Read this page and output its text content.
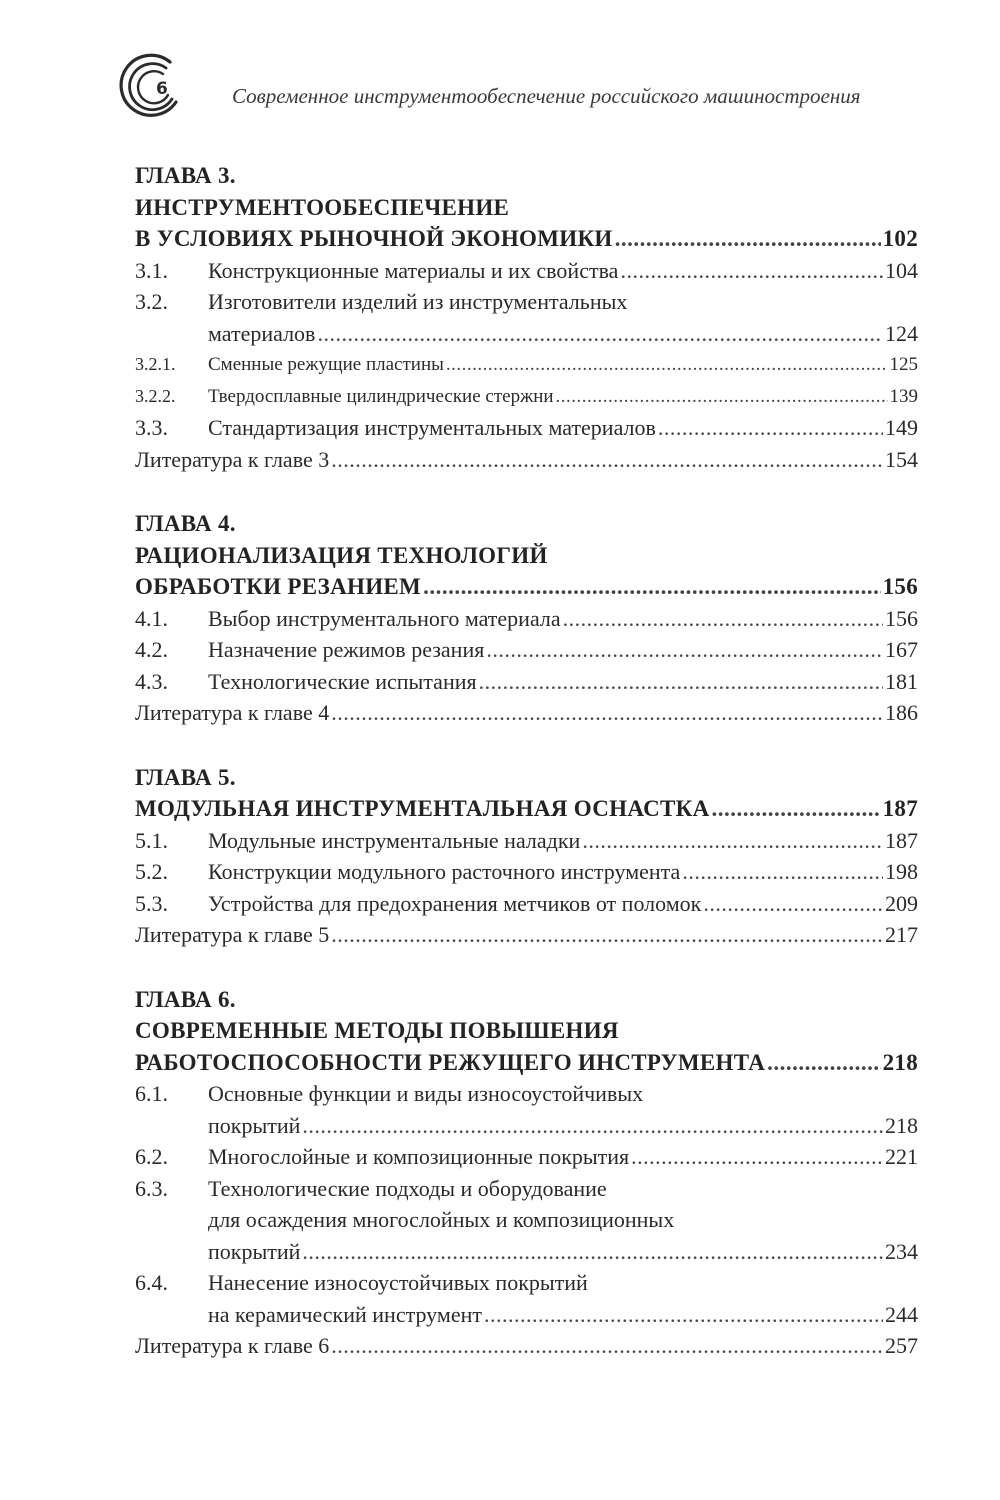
6	Современное инструментообеспечение российского машиностроения
ГЛАВА 3.
ИНСТРУМЕНТООБЕСПЕЧЕНИЕ
В УСЛОВИЯХ РЫНОЧНОЙ ЭКОНОМИКИ .....	102
3.1.	Конструкционные материалы и их свойства .....	104
3.2. Изготовители изделий из инструментальных
материалов .....	124
3.2.1.	Сменные режущие пластины .....	125
3.2.2.	Твердосплавные цилиндрические стержни .....	139
3.3.	Стандартизация инструментальных материалов .....	149
Литература к главе 3 .....	154
ГЛАВА 4.
РАЦИОНАЛИЗАЦИЯ ТЕХНОЛОГИЙ
ОБРАБОТКИ РЕЗАНИЕМ .....	156
4.1.	Выбор инструментального материала .....	156
4.2.	Назначение режимов резания .....	167
4.3.	Технологические испытания .....	181
Литература к главе 4 .....	186
ГЛАВА 5.
МОДУЛЬНАЯ ИНСТРУМЕНТАЛЬНАЯ ОСНАСТКА .....	187
5.1.	Модульные инструментальные наладки .....	187
5.2.	Конструкции модульного расточного инструмента .....	198
5.3.	Устройства для предохранения метчиков от поломок .....	209
Литература к главе 5 .....	217
ГЛАВА 6.
СОВРЕМЕННЫЕ МЕТОДЫ ПОВЫШЕНИЯ
РАБОТОСПОСОБНОСТИ РЕЖУЩЕГО ИНСТРУМЕНТА .....	218
6.1. Основные функции и виды износоустойчивых
покрытий .....	218
6.2.	Многослойные и композиционные покрытия .....	221
6.3. Технологические подходы и оборудование
для осаждения многослойных и композиционных
покрытий .....	234
6.4. Нанесение износоустойчивых покрытий
на керамический инструмент .....	244
Литература к главе 6 .....	257
